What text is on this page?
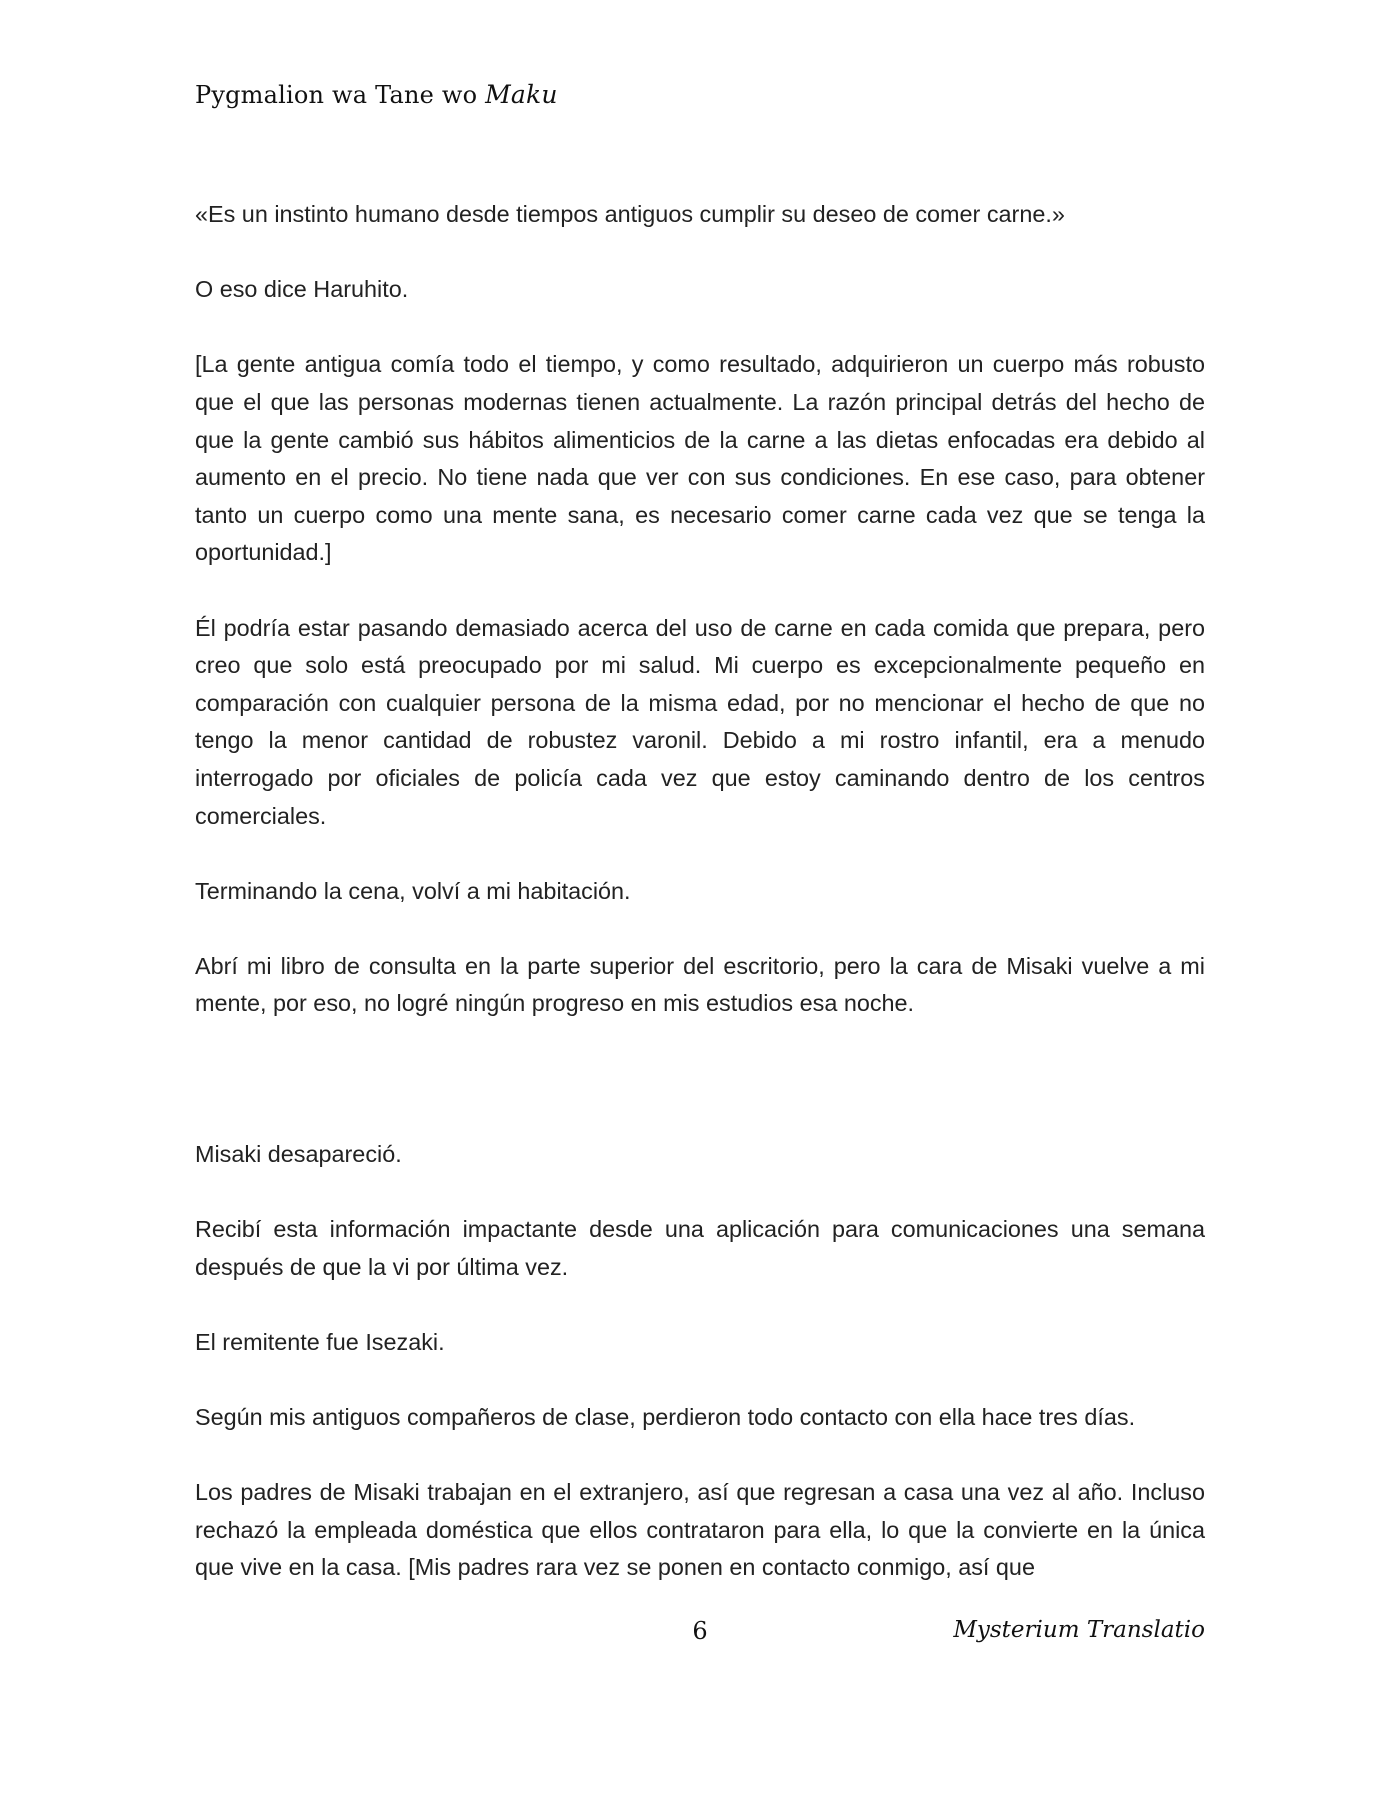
Pygmalion wa Tane wo Maku

«Es un instinto humano desde tiempos antiguos cumplir su deseo de comer carne.»

O eso dice Haruhito.

[La gente antigua comía todo el tiempo, y como resultado, adquirieron un cuerpo más robusto que el que las personas modernas tienen actualmente. La razón principal detrás del hecho de que la gente cambió sus hábitos alimenticios de la carne a las dietas enfocadas era debido al aumento en el precio. No tiene nada que ver con sus condiciones. En ese caso, para obtener tanto un cuerpo como una mente sana, es necesario comer carne cada vez que se tenga la oportunidad.]

Él podría estar pasando demasiado acerca del uso de carne en cada comida que prepara, pero creo que solo está preocupado por mi salud. Mi cuerpo es excepcionalmente pequeño en comparación con cualquier persona de la misma edad, por no mencionar el hecho de que no tengo la menor cantidad de robustez varonil. Debido a mi rostro infantil, era a menudo interrogado por oficiales de policía cada vez que estoy caminando dentro de los centros comerciales.

Terminando la cena, volví a mi habitación.

Abrí mi libro de consulta en la parte superior del escritorio, pero la cara de Misaki vuelve a mi mente, por eso, no logré ningún progreso en mis estudios esa noche.

Misaki desapareció.

Recibí esta información impactante desde una aplicación para comunicaciones una semana después de que la vi por última vez.

El remitente fue Isezaki.

Según mis antiguos compañeros de clase, perdieron todo contacto con ella hace tres días.

Los padres de Misaki trabajan en el extranjero, así que regresan a casa una vez al año. Incluso rechazó la empleada doméstica que ellos contrataron para ella, lo que la convierte en la única que vive en la casa. [Mis padres rara vez se ponen en contacto conmigo, así que

6	Mysterium Translatio
